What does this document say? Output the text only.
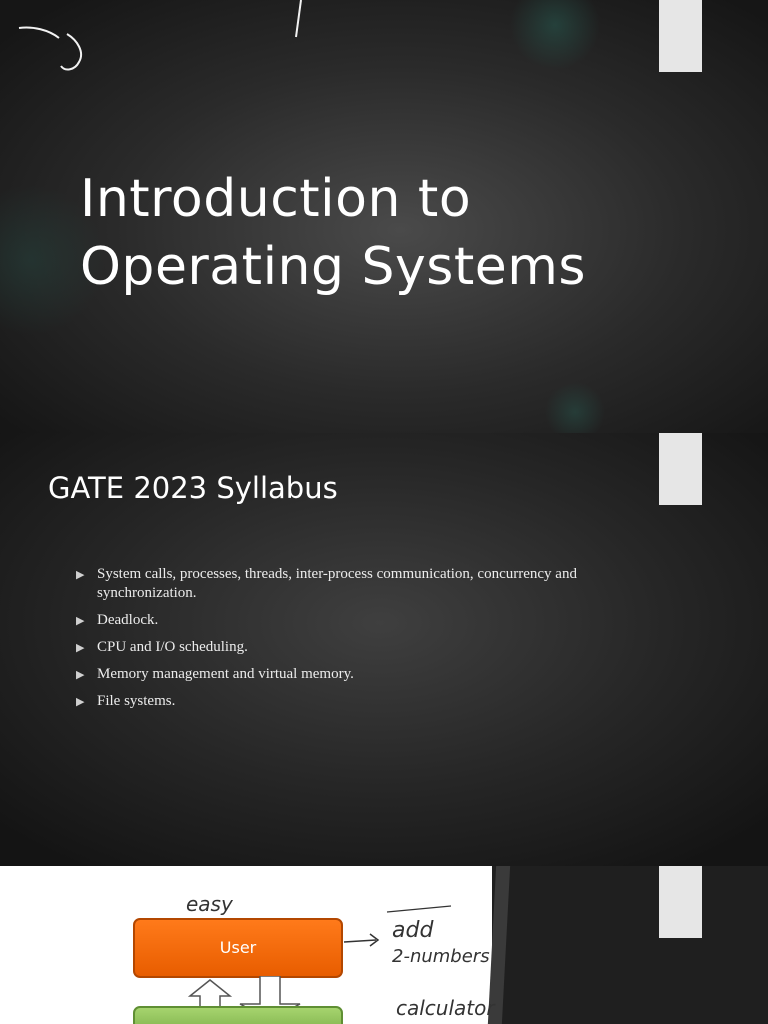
Introduction to
Operating Systems
GATE 2023 Syllabus
▶ System calls, processes, threads, inter-process communication, concurrency and synchronization.
▶ Deadlock.
▶ CPU and I/O scheduling.
▶ Memory management and virtual memory.
▶ File systems.
easy
User
add
2-numbers
calculator
